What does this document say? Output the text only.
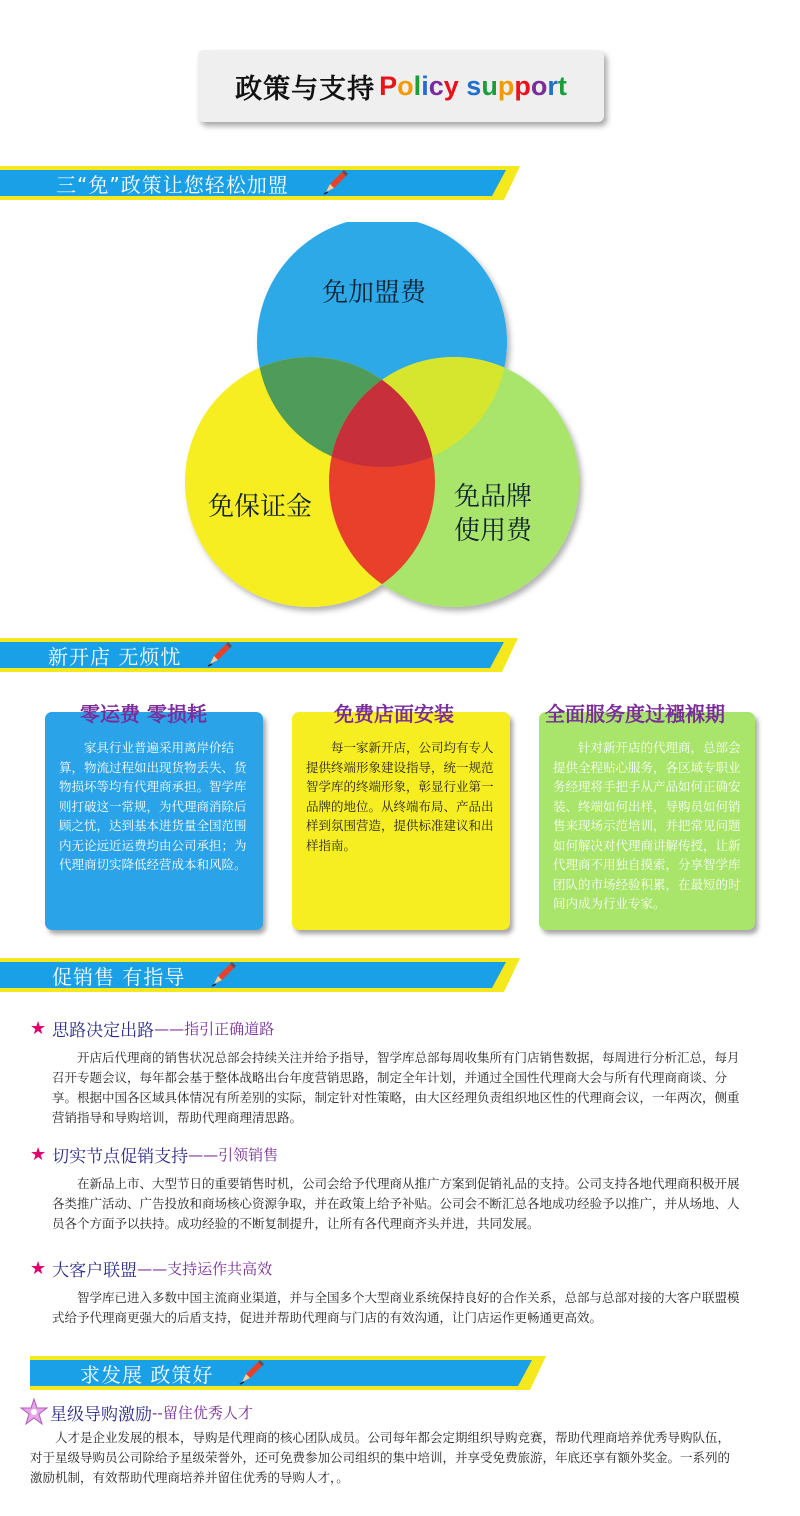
政策与支持 Policy support
三“免”政策让您轻松加盟
免加盟费
免保证金	免品牌
使用费
新开店 无烦忧
家具行业普遍采用离岸价结算，物流过程如出现货物丢失、货物损坏等均有代理商承担。智学库则打破这一常规，为代理商消除后顾之忧，达到基本进货量全国范围内无论远近运费均由公司承担；为代理商切实降低经营成本和风险。
零运费 零损耗
每一家新开店，公司均有专人提供终端形象建设指导，统一规范智学库的终端形象，彰显行业第一品牌的地位。从终端布局、产品出样到氛围营造，提供标准建议和出样指南。
免费店面安装
针对新开店的代理商，总部会提供全程贴心服务，各区域专职业务经理将手把手从产品如何正确安装、终端如何出样，导购员如何销售来现场示范培训，并把常见问题如何解决对代理商讲解传授，让新代理商不用独自摸索，分享智学库团队的市场经验积累，在最短的时间内成为行业专家。
全面服务度过襁褓期
促销售 有指导
★ 思路决定出路 ——指引正确道路
开店后代理商的销售状况总部会持续关注并给予指导，智学库总部每周收集所有门店销售数据，每周进行分析汇总，每月召开专题会议，每年都会基于整体战略出台年度营销思路，制定全年计划，并通过全国性代理商大会与所有代理商商谈、分享。根据中国各区域具体情况有所差别的实际，制定针对性策略，由大区经理负责组织地区性的代理商会议，一年两次，侧重营销指导和导购培训，帮助代理商理清思路。
★ 切实节点促销支持 ——引领销售
在新品上市、大型节日的重要销售时机，公司会给予代理商从推广方案到促销礼品的支持。公司支持各地代理商积极开展各类推广活动、广告投放和商场核心资源争取，并在政策上给予补贴。公司会不断汇总各地成功经验予以推广，并从场地、人员各个方面予以扶持。成功经验的不断复制提升，让所有各代理商齐头并进，共同发展。
★ 大客户联盟 ——支持运作共高效
智学库已进入多数中国主流商业渠道，并与全国多个大型商业系统保持良好的合作关系，总部与总部对接的大客户联盟模式给予代理商更强大的后盾支持，促进并帮助代理商与门店的有效沟通，让门店运作更畅通更高效。
求发展 政策好
星级导购激励 --留住优秀人才
人才是企业发展的根本，导购是代理商的核心团队成员。公司每年都会定期组织导购竞赛，帮助代理商培养优秀导购队伍，对于星级导购员公司除给予星级荣誉外，还可免费参加公司组织的集中培训，并享受免费旅游，年底还享有额外奖金。一系列的激励机制，有效帮助代理商培养并留住优秀的导购人才，。
